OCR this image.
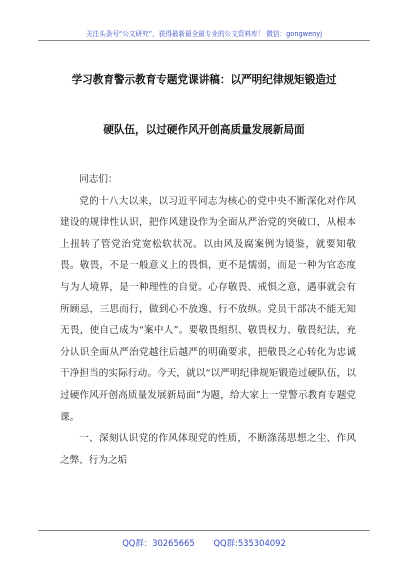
关注头条号“公文研究”，获得最新最全最专业的公文资料库！ 微信：gongwenyj
学习教育警示教育专题党课讲稿：以严明纪律规矩锻造过
硬队伍，以过硬作风开创高质量发展新局面

同志们：

党的十八大以来，以习近平同志为核心的党中央不断深化对作风建设的规律性认识，把作风建设作为全面从严治党的突破口，从根本上扭转了管党治党宽松软状况。以由风及腐案例为镜鉴，就要知敬畏。敬畏，不是一般意义上的畏惧，更不是懦弱，而是一种为官态度与为人境界，是一种理性的自觉。心存敬畏、戒惧之意，遇事就会有所顾忌，三思而行，做到心不放逸、行不放纵。党员干部决不能无知无畏，使自己成为“案中人”。要敬畏组织、敬畏权力、敬畏纪法，充分认识全面从严治党越往后越严的明确要求，把敬畏之心转化为忠诚干净担当的实际行动。今天，就以“以严明纪律规矩锻造过硬队伍，以过硬作风开创高质量发展新局面”为题，给大家上一堂警示教育专题党课。

一、深刻认识党的作风体现党的性质，不断涤荡思想之尘、作风之弊、行为之垢

QQ群：30265665 QQ群:535304092
